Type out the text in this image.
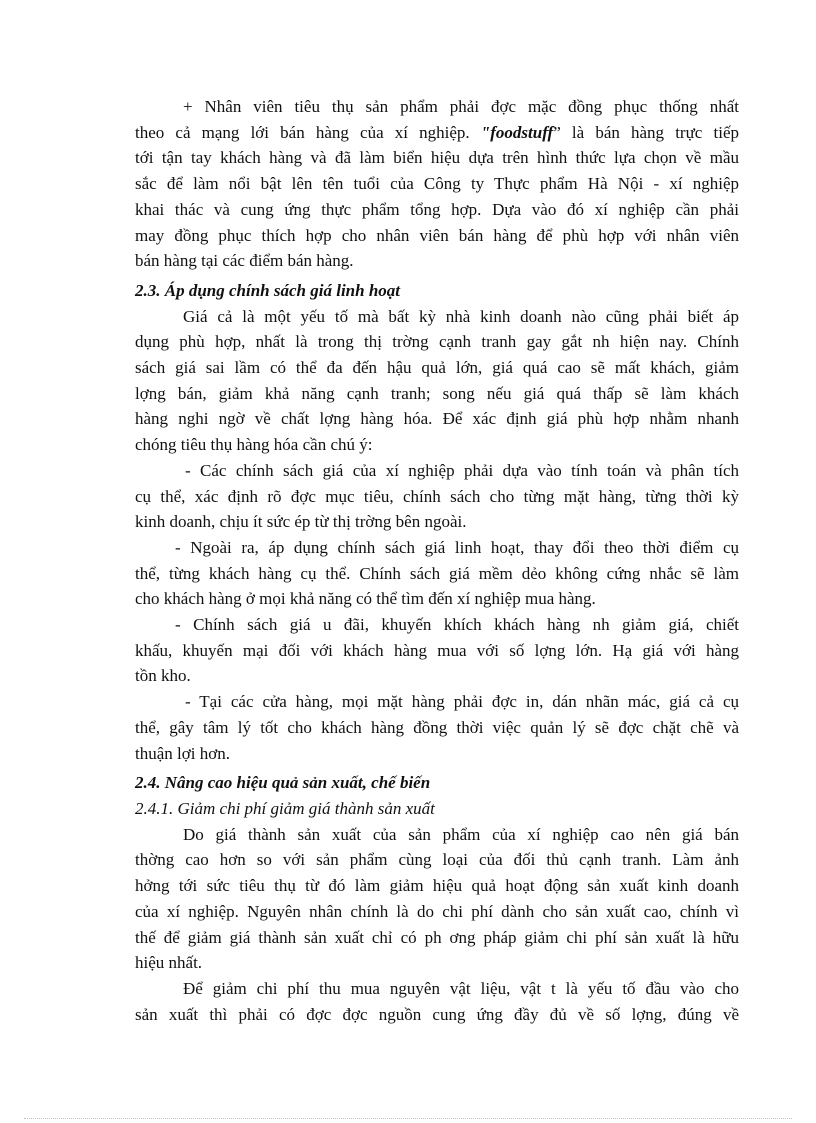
+ Nhân viên tiêu thụ sản phẩm phải đợc mặc đồng phục thống nhất
theo cả mạng lới bán hàng của xí nghiệp. "foodstuff” là bán hàng trực tiếp
tới tận tay khách hàng và đã làm biển hiệu dựa trên hình thức lựa chọn về mầu
sắc để làm nổi bật lên tên tuổi của Công ty Thực phẩm Hà Nội - xí nghiệp
khai thác và cung ứng thực phẩm tổng hợp. Dựa vào đó xí nghiệp cần phải
may đồng phục thích hợp cho nhân viên bán hàng để phù hợp với nhân viên
bán hàng tại các điểm bán hàng.
2.3. Áp dụng chính sách giá linh hoạt
Giá cả là một yếu tố mà bất kỳ nhà kinh doanh nào cũng phải biết áp
dụng phù hợp, nhất là trong thị trờng cạnh tranh gay gắt nh hiện nay. Chính
sách giá sai lầm có thể đa đến hậu quả lớn, giá quá cao sẽ mất khách, giảm
lợng bán, giảm khả năng cạnh tranh; song nếu giá quá thấp sẽ làm khách
hàng nghi ngờ về chất lợng hàng hóa. Để xác định giá phù hợp nhằm nhanh
chóng tiêu thụ hàng hóa cần chú ý:
- Các chính sách giá của xí nghiệp phải dựa vào tính toán và phân tích
cụ thể, xác định rõ đợc mục tiêu, chính sách cho từng mặt hàng, từng thời kỳ
kinh doanh, chịu ít sức ép từ thị trờng bên ngoài.
- Ngoài ra, áp dụng chính sách giá linh hoạt, thay đổi theo thời điểm cụ
thể, từng khách hàng cụ thể. Chính sách giá mềm dẻo không cứng nhắc sẽ làm
cho khách hàng ở mọi khả năng có thể tìm đến xí nghiệp mua hàng.
- Chính sách giá u đãi, khuyến khích khách hàng nh giảm giá, chiết
khấu, khuyến mại đối với khách hàng mua với số lợng lớn. Hạ giá với hàng
tồn kho.
- Tại các cửa hàng, mọi mặt hàng phải đợc in, dán nhãn mác, giá cả cụ
thể, gây tâm lý tốt cho khách hàng đồng thời việc quản lý sẽ đợc chặt chẽ và
thuận lợi hơn.
2.4. Nâng cao hiệu quả sản xuất, chế biến
2.4.1. Giảm chi phí giảm giá thành sản xuất
Do giá thành sản xuất của sản phẩm của xí nghiệp cao nên giá bán
thờng cao hơn so với sản phẩm cùng loại của đối thủ cạnh tranh. Làm ảnh
hởng tới sức tiêu thụ từ đó làm giảm hiệu quả hoạt động sản xuất kinh doanh
của xí nghiệp. Nguyên nhân chính là do chi phí dành cho sản xuất cao, chính vì
thế để giảm giá thành sản xuất chỉ có ph ơng pháp giảm chi phí sản xuất là hữu
hiệu nhất.
Để giảm chi phí thu mua nguyên vật liệu, vật t là yếu tố đầu vào cho
sản xuất thì phải có đợc đợc nguồn cung ứng đầy đủ về số lợng, đúng về
